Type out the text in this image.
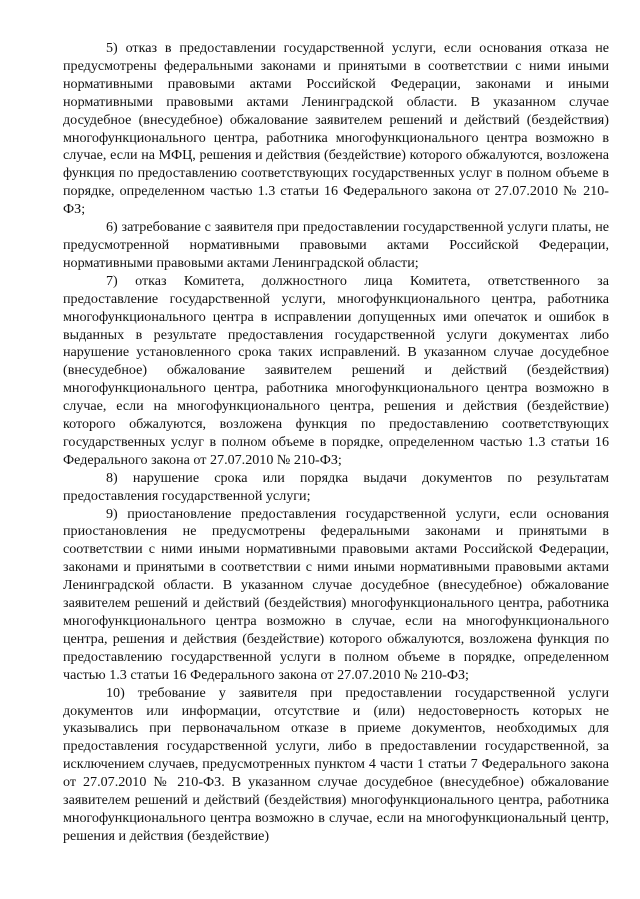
5) отказ в предоставлении государственной услуги, если основания отказа не предусмотрены федеральными законами и принятыми в соответствии с ними иными нормативными правовыми актами Российской Федерации, законами и иными нормативными правовыми актами Ленинградской области. В указанном случае досудебное (внесудебное) обжалование заявителем решений и действий (бездействия) многофункционального центра, работника многофункционального центра возможно в случае, если на МФЦ, решения и действия (бездействие) которого обжалуются, возложена функция по предоставлению соответствующих государственных услуг в полном объеме в порядке, определенном частью 1.3 статьи 16 Федерального закона от 27.07.2010 № 210-ФЗ;

6) затребование с заявителя при предоставлении государственной услуги платы, не предусмотренной нормативными правовыми актами Российской Федерации, нормативными правовыми актами Ленинградской области;

7) отказ Комитета, должностного лица Комитета, ответственного за предоставление государственной услуги, многофункционального центра, работника многофункционального центра в исправлении допущенных ими опечаток и ошибок в выданных в результате предоставления государственной услуги документах либо нарушение установленного срока таких исправлений. В указанном случае досудебное (внесудебное) обжалование заявителем решений и действий (бездействия) многофункционального центра, работника многофункционального центра возможно в случае, если на многофункционального центра, решения и действия (бездействие) которого обжалуются, возложена функция по предоставлению соответствующих государственных услуг в полном объеме в порядке, определенном частью 1.3 статьи 16 Федерального закона от 27.07.2010 № 210-ФЗ;

8) нарушение срока или порядка выдачи документов по результатам предоставления государственной услуги;

9) приостановление предоставления государственной услуги, если основания приостановления не предусмотрены федеральными законами и принятыми в соответствии с ними иными нормативными правовыми актами Российской Федерации, законами и принятыми в соответствии с ними иными нормативными правовыми актами Ленинградской области. В указанном случае досудебное (внесудебное) обжалование заявителем решений и действий (бездействия) многофункционального центра, работника многофункционального центра возможно в случае, если на многофункционального центра, решения и действия (бездействие) которого обжалуются, возложена функция по предоставлению государственной услуги в полном объеме в порядке, определенном частью 1.3 статьи 16 Федерального закона от 27.07.2010 № 210-ФЗ;

10) требование у заявителя при предоставлении государственной услуги документов или информации, отсутствие и (или) недостоверность которых не указывались при первоначальном отказе в приеме документов, необходимых для предоставления государственной услуги, либо в предоставлении государственной, за исключением случаев, предусмотренных пунктом 4 части 1 статьи 7 Федерального закона от 27.07.2010 № 210-ФЗ. В указанном случае досудебное (внесудебное) обжалование заявителем решений и действий (бездействия) многофункционального центра, работника многофункционального центра возможно в случае, если на многофункциональный центр, решения и действия (бездействие)
